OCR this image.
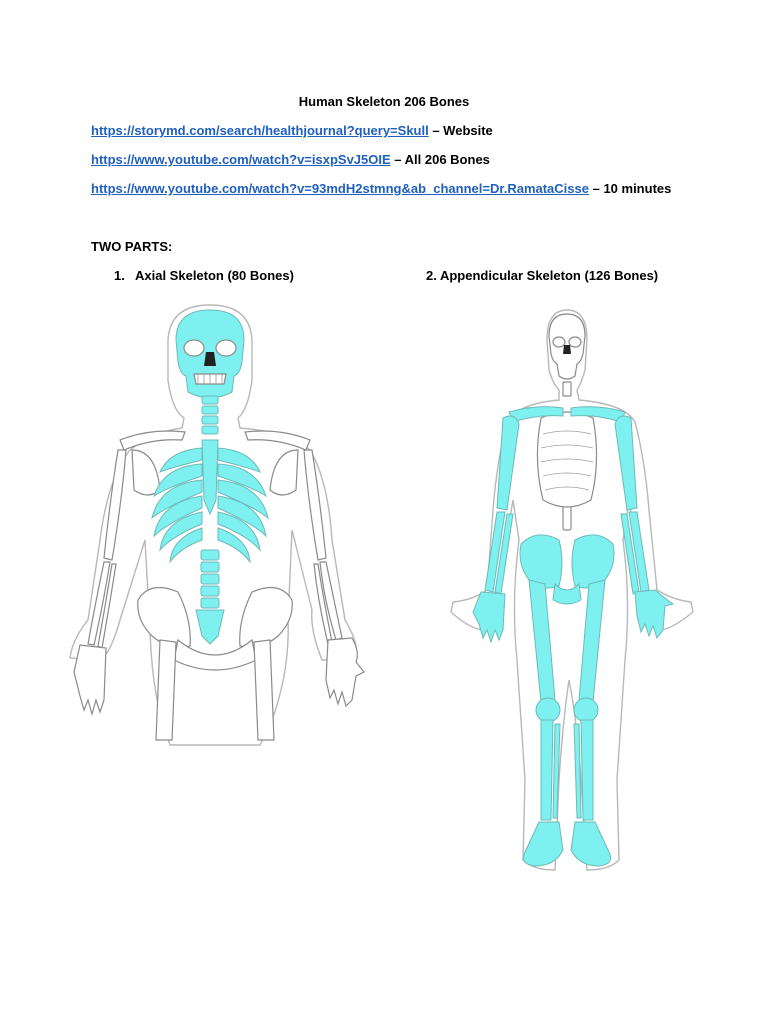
Human Skeleton 206 Bones
https://storymd.com/search/healthjournal?query=Skull – Website
https://www.youtube.com/watch?v=isxpSvJ5OIE – All 206 Bones
https://www.youtube.com/watch?v=93mdH2stmng&ab_channel=Dr.RamataCisse – 10 minutes
TWO PARTS:
1. Axial Skeleton (80 Bones)	2. Appendicular Skeleton (126 Bones)
